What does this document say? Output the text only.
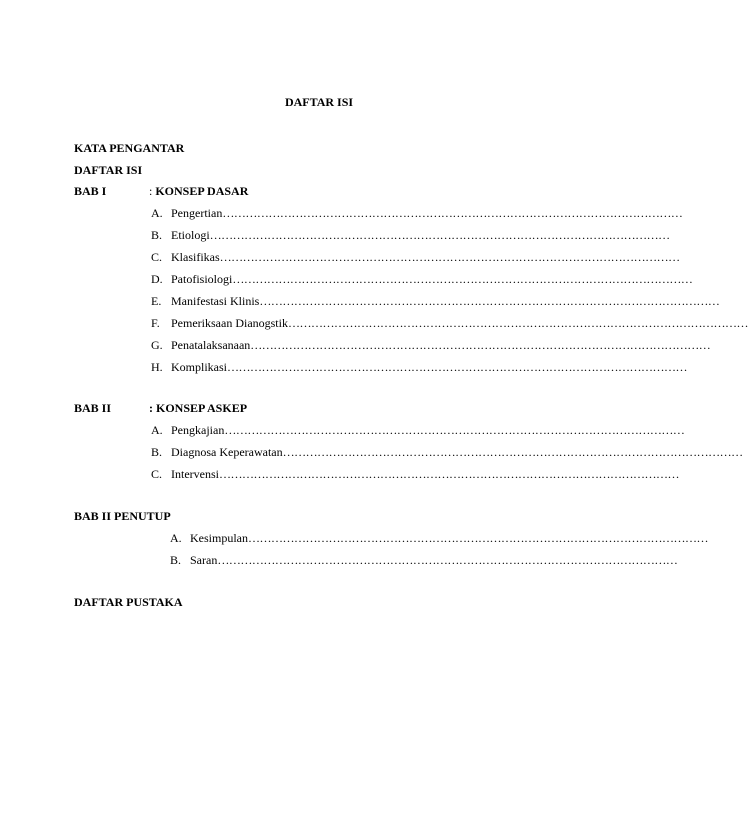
DAFTAR ISI
KATA PENGANTAR
DAFTAR ISI
BAB I	: KONSEP DASAR
A. Pengertian …………………………………………………………………………………………………………
B. Etiologi …………………………………………………………………………………………………………
C. Klasifikas …………………………………………………………………………………………………………
D. Patofisiologi …………………………………………………………………………………………………………
E. Manifestasi Klinis …………………………………………………………………………………………………………
F. Pemeriksaan Dianogstik …………………………………………………………………………………………………………
G. Penatalaksanaan …………………………………………………………………………………………………………
H. Komplikasi …………………………………………………………………………………………………………
BAB II	: KONSEP ASKEP
A. Pengkajian …………………………………………………………………………………………………………
B. Diagnosa Keperawatan …………………………………………………………………………………………………………
C. Intervensi …………………………………………………………………………………………………………
BAB II PENUTUP
A. Kesimpulan …………………………………………………………………………………………………………
B. Saran …………………………………………………………………………………………………………
DAFTAR PUSTAKA
